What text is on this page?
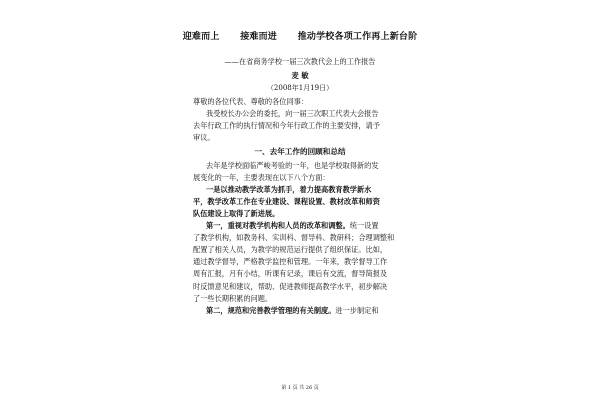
迎难而上 接难而进 推动学校各项工作再上新台阶
——在省商务学校一届三次教代会上的工作报告
麦 敏
（2008年1月19日）
尊敬的各位代表、尊敬的各位同事：
我受校长办公会的委托，向一届三次职工代表大会报告
去年行政工作的执行情况和今年行政工作的主要安排，请予
审议。
一、去年工作的回顾和总结
去年是学校面临严峻考验的一年，也是学校取得新的发
展变化的一年，主要表现在以下八个方面：
一是以推动教学改革为抓手，着力提高教育教学新水
平，教学改革工作在专业建设、课程设置、教材改革和师资
队伍建设上取得了新进展。
第一，重视对教学机构和人员的改革和调整。统一设置
了教学机构，如教务科、实训科、督导科、教研科；合理调整和
配置了相关人员，为教学的规范运行提供了组织保证。比如，
通过教学督导，严格教学监控和管理。一年来，教学督导工作
周有汇报，月有小结，听课有记录，课后有交流，督导简报及
时反馈意见和建议，帮助、促进教师提高教学水平，初步解决
了一些长期积累的问题。
第二，规范和完善教学管理的有关制度。进一步制定和
第 1 页 共 26 页
